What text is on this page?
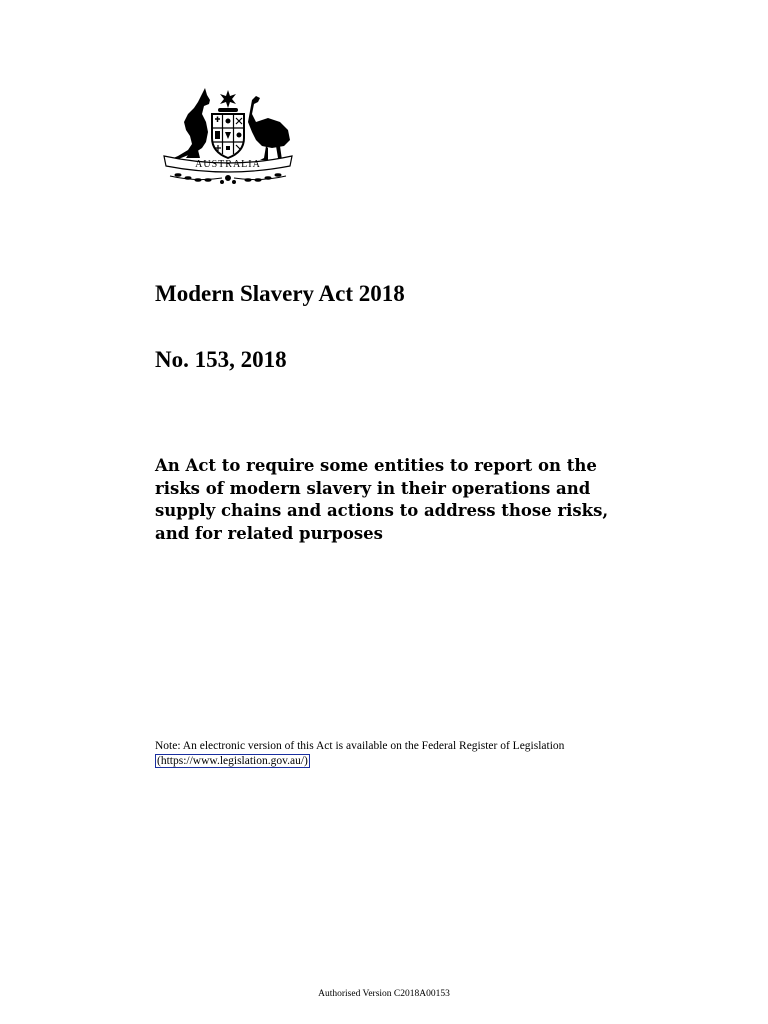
AUSTRALIA
Modern Slavery Act 2018
No. 153, 2018
An Act to require some entities to report on the
risks of modern slavery in their operations and
supply chains and actions to address those risks,
and for related purposes
Note: An electronic version of this Act is available on the Federal Register of Legislation
(https://www.legislation.gov.au/)
Authorised Version C2018A00153
